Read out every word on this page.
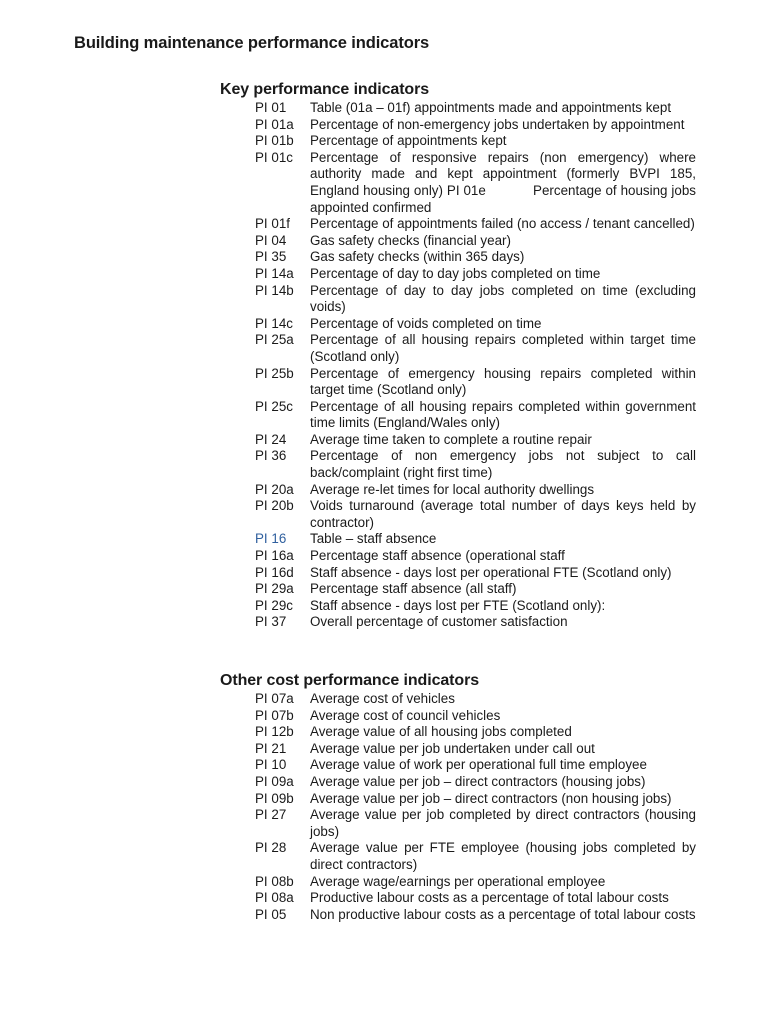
Building maintenance performance indicators
Key performance indicators
PI 01	Table (01a – 01f) appointments made and appointments kept
PI 01a	Percentage of non-emergency jobs undertaken by appointment
PI 01b	Percentage of appointments kept
PI 01c	Percentage of responsive repairs (non emergency) where authority made and kept appointment (formerly BVPI 185, England housing only) PI 01e            Percentage of housing jobs appointed confirmed
PI 01f	Percentage of appointments failed (no access / tenant cancelled)
PI 04	Gas safety checks (financial year)
PI 35	Gas safety checks (within 365 days)
PI 14a	Percentage of day to day jobs completed on time
PI 14b	Percentage of day to day jobs completed on time (excluding voids)
PI 14c	Percentage of voids completed on time
PI 25a	Percentage of all housing repairs completed within target time (Scotland only)
PI 25b	Percentage of emergency housing repairs completed within target time (Scotland only)
PI 25c	Percentage of all housing repairs completed within government time limits (England/Wales only)
PI 24	Average time taken to complete a routine repair
PI 36	Percentage of non emergency jobs not subject to call back/complaint (right first time)
PI 20a	Average re-let times for local authority dwellings
PI 20b	Voids turnaround (average total number of days keys held by contractor)
PI 16	Table – staff absence
PI 16a	Percentage staff absence (operational staff
PI 16d	Staff absence - days lost per operational FTE (Scotland only)
PI 29a	Percentage staff absence (all staff)
PI 29c	Staff absence - days lost per FTE (Scotland only):
PI 37	Overall percentage of customer satisfaction
Other cost performance indicators
PI 07a	Average cost of vehicles
PI 07b	Average cost of council vehicles
PI 12b	Average value of all housing jobs completed
PI 21	Average value per job undertaken under call out
PI 10	Average value of work per operational full time employee
PI 09a	Average value per job – direct contractors (housing jobs)
PI 09b	Average value per job – direct contractors (non housing jobs)
PI 27	Average value per job completed by direct contractors (housing jobs)
PI 28	Average value per FTE employee (housing jobs completed by direct contractors)
PI 08b	Average wage/earnings per operational employee
PI 08a	Productive labour costs as a percentage of total labour costs
PI 05	Non productive labour costs as a percentage of total labour costs
